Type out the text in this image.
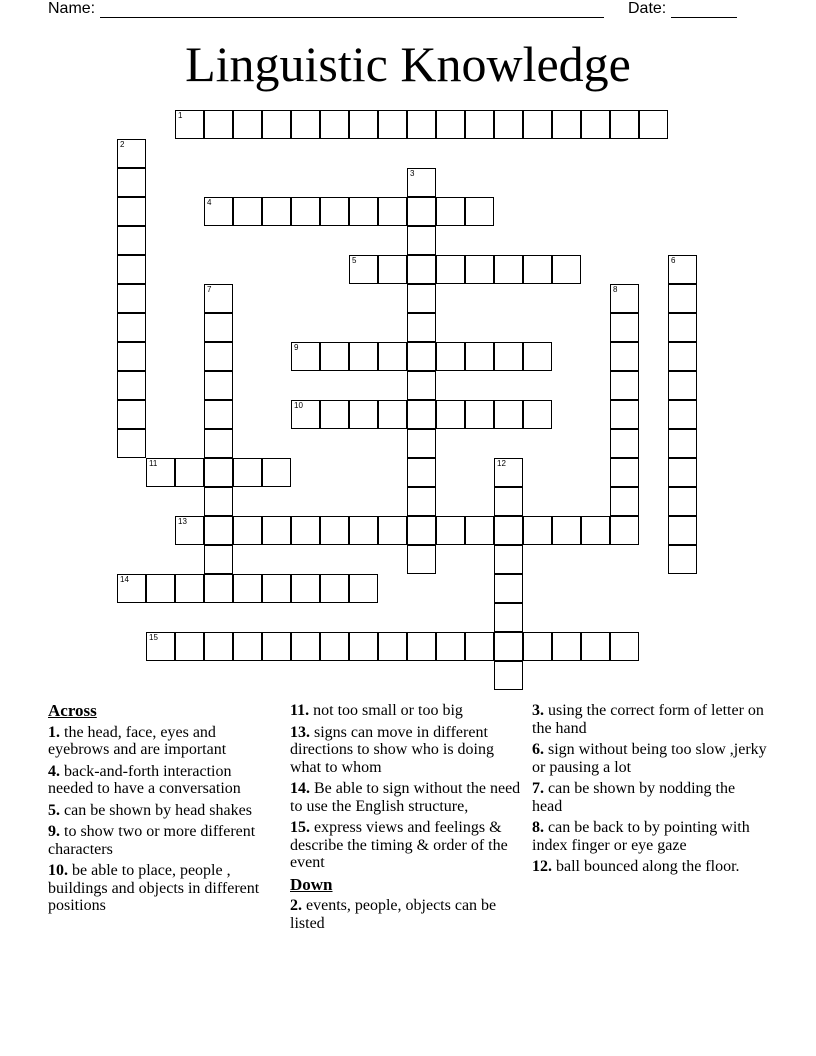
Name:	Date:
Linguistic Knowledge
1
2
3
4
5	6
7	8
9
10
11	12
13
14
15
Across
1. the head, face, eyes and eyebrows and are important
4. back-and-forth interaction needed to have a conversation
5. can be shown by head shakes
9. to show two or more different characters
10. be able to place, people , buildings and objects in different positions
11. not too small or too big
13. signs can move in different directions to show who is doing what to whom
14. Be able to sign without the need to use the English structure,
15. express views and feelings & describe the timing & order of the event
Down
2. events, people, objects can be listed
3. using the correct form of letter on the hand
6. sign without being too slow ,jerky or pausing a lot
7. can be shown by nodding the head
8. can be back to by pointing with index finger or eye gaze
12. ball bounced along the floor.
